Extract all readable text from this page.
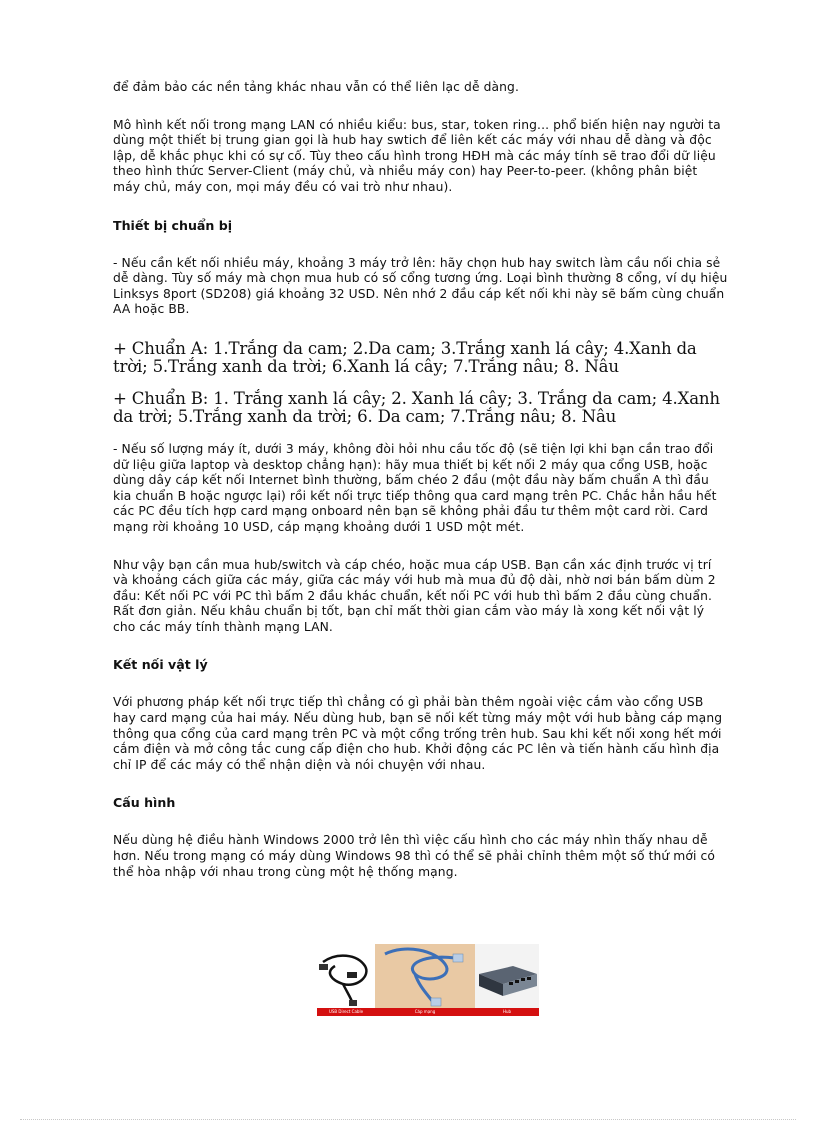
để đảm bảo các nền tảng khác nhau vẫn có thể liên lạc dễ dàng.

Mô hình kết nối trong mạng LAN có nhiều kiểu: bus, star, token ring... phổ biến hiện nay người ta dùng một thiết bị trung gian gọi là hub hay swtich để liên kết các máy với nhau dễ dàng và độc lập, dễ khắc phục khi có sự cố. Tùy theo cấu hình trong HĐH mà các máy tính sẽ trao đổi dữ liệu theo hình thức Server-Client (máy chủ, và nhiều máy con) hay Peer-to-peer. (không phân biệt máy chủ, máy con, mọi máy đều có vai trò như nhau).

Thiết bị chuẩn bị

- Nếu cần kết nối nhiều máy, khoảng 3 máy trở lên: hãy chọn hub hay switch làm cầu nối chia sẻ dễ dàng. Tùy số máy mà chọn mua hub có số cổng tương ứng. Loại bình thường 8 cổng, ví dụ hiệu Linksys 8port (SD208) giá khoảng 32 USD. Nên nhớ 2 đầu cáp kết nối khi này sẽ bấm cùng chuẩn AA hoặc BB.

+ Chuẩn A: 1.Trắng da cam; 2.Da cam; 3.Trắng xanh lá cây; 4.Xanh da trời; 5.Trắng xanh da trời; 6.Xanh lá cây; 7.Trắng nâu; 8. Nâu

+ Chuẩn B: 1. Trắng xanh lá cây; 2. Xanh lá cây; 3. Trắng da cam; 4.Xanh da trời; 5.Trắng xanh da trời; 6. Da cam; 7.Trắng nâu; 8. Nâu

- Nếu số lượng máy ít, dưới 3 máy, không đòi hỏi nhu cầu tốc độ (sẽ tiện lợi khi bạn cần trao đổi dữ liệu giữa laptop và desktop chẳng hạn): hãy mua thiết bị kết nối 2 máy qua cổng USB, hoặc dùng dây cáp kết nối Internet bình thường, bấm chéo 2 đầu (một đầu này bấm chuẩn A thì đầu kia chuẩn B hoặc ngược lại) rồi kết nối trực tiếp thông qua card mạng trên PC. Chắc hẳn hầu hết các PC đều tích hợp card mạng onboard nên bạn sẽ không phải đầu tư thêm một card rời. Card mạng rời khoảng 10 USD, cáp mạng khoảng dưới 1 USD một mét.

Như vậy bạn cần mua hub/switch và cáp chéo, hoặc mua cáp USB. Bạn cần xác định trước vị trí và khoảng cách giữa các máy, giữa các máy với hub mà mua đủ độ dài, nhờ nơi bán bấm dùm 2 đầu: Kết nối PC với PC thì bấm 2 đầu khác chuẩn, kết nối PC với hub thì bấm 2 đầu cùng chuẩn. Rất đơn giản. Nếu khâu chuẩn bị tốt, bạn chỉ mất thời gian cắm vào máy là xong kết nối vật lý cho các máy tính thành mạng LAN.

Kết nối vật lý

Với phương pháp kết nối trực tiếp thì chẳng có gì phải bàn thêm ngoài việc cắm vào cổng USB hay card mạng của hai máy. Nếu dùng hub, bạn sẽ nối kết từng máy một với hub bằng cáp mạng thông qua cổng của card mạng trên PC và một cổng trống trên hub. Sau khi kết nối xong hết mới cắm điện và mở công tắc cung cấp điện cho hub. Khởi động các PC lên và tiến hành cấu hình địa chỉ IP để các máy có thể nhận diện và nói chuyện với nhau.

Cấu hình

Nếu dùng hệ điều hành Windows 2000 trở lên thì việc cấu hình cho các máy nhìn thấy nhau dễ hơn. Nếu trong mạng có máy dùng Windows 98 thì có thể sẽ phải chỉnh thêm một số thứ mới có thể hòa nhập với nhau trong cùng một hệ thống mạng.

USB Direct Cable	Cáp mạng	Hub
